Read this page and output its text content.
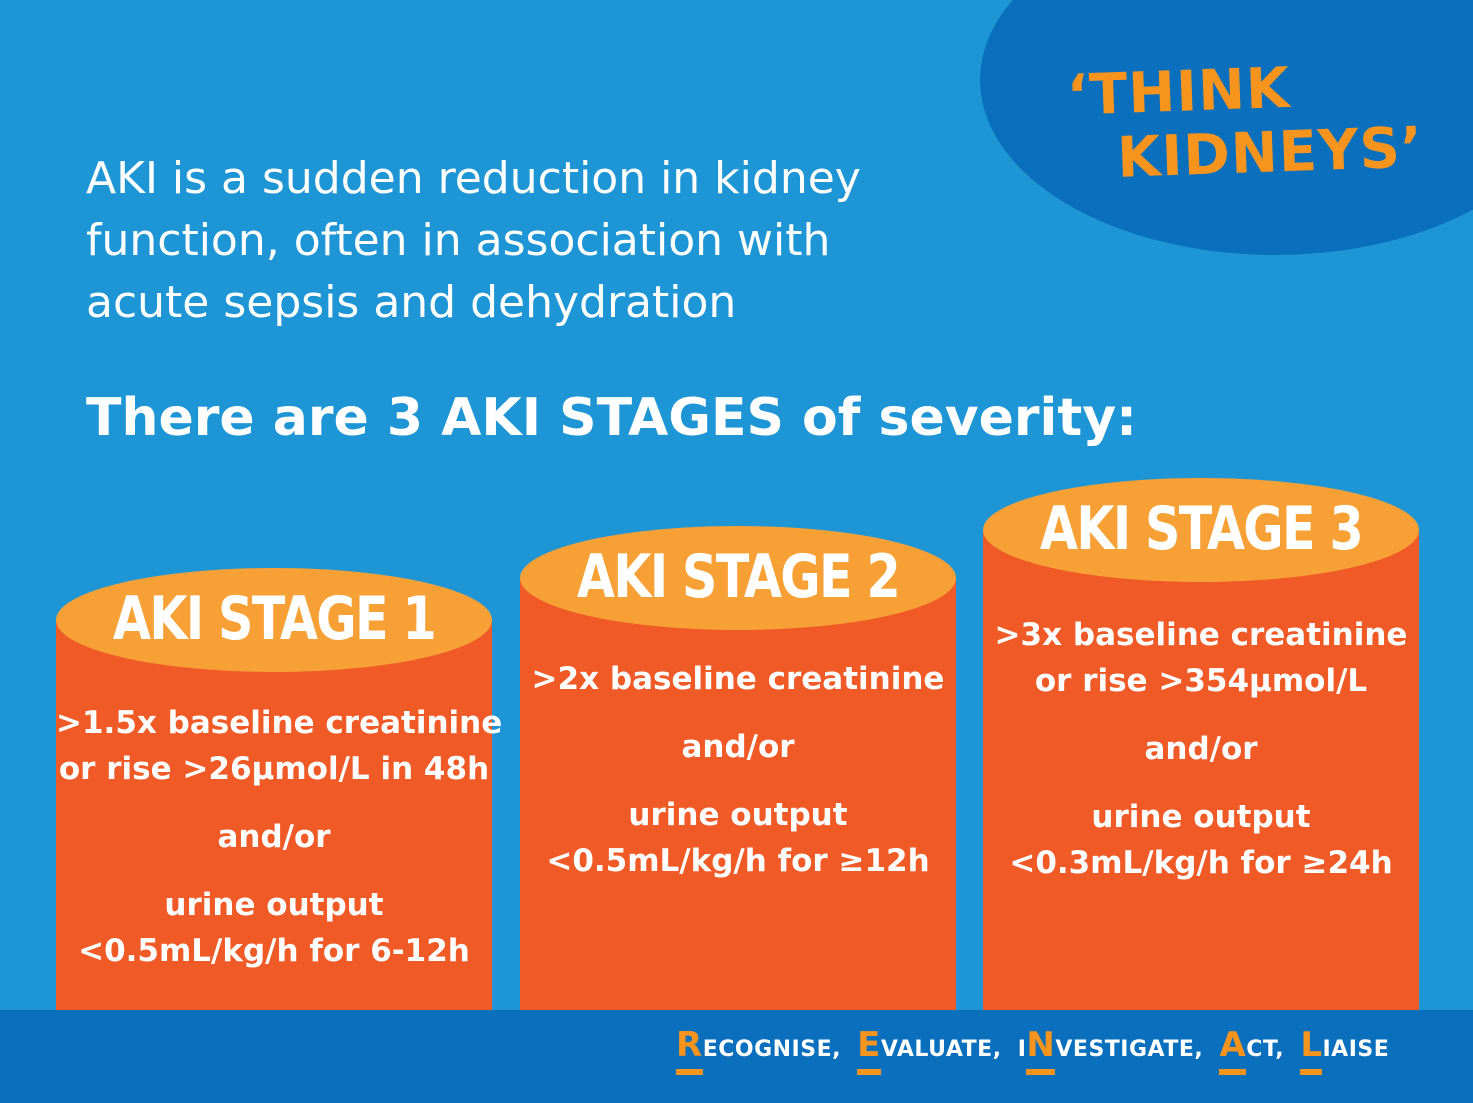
‘THINK
KIDNEYS’
AKI is a sudden reduction in kidney
function, often in association with
acute sepsis and dehydration
There are 3 AKI STAGES of severity:
AKI STAGE 1
>1.5x baseline creatinine
or rise >26µmol/L in 48h
and/or
urine output
<0.5mL/kg/h for 6-12h
AKI STAGE 2
>2x baseline creatinine
and/or
urine output
<0.5mL/kg/h for ≥12h
AKI STAGE 3
>3x baseline creatinine
or rise >354µmol/L
and/or
urine output
<0.3mL/kg/h for ≥24h
RECOGNISE, EVALUATE, INVESTIGATE, ACT, LIAISE
